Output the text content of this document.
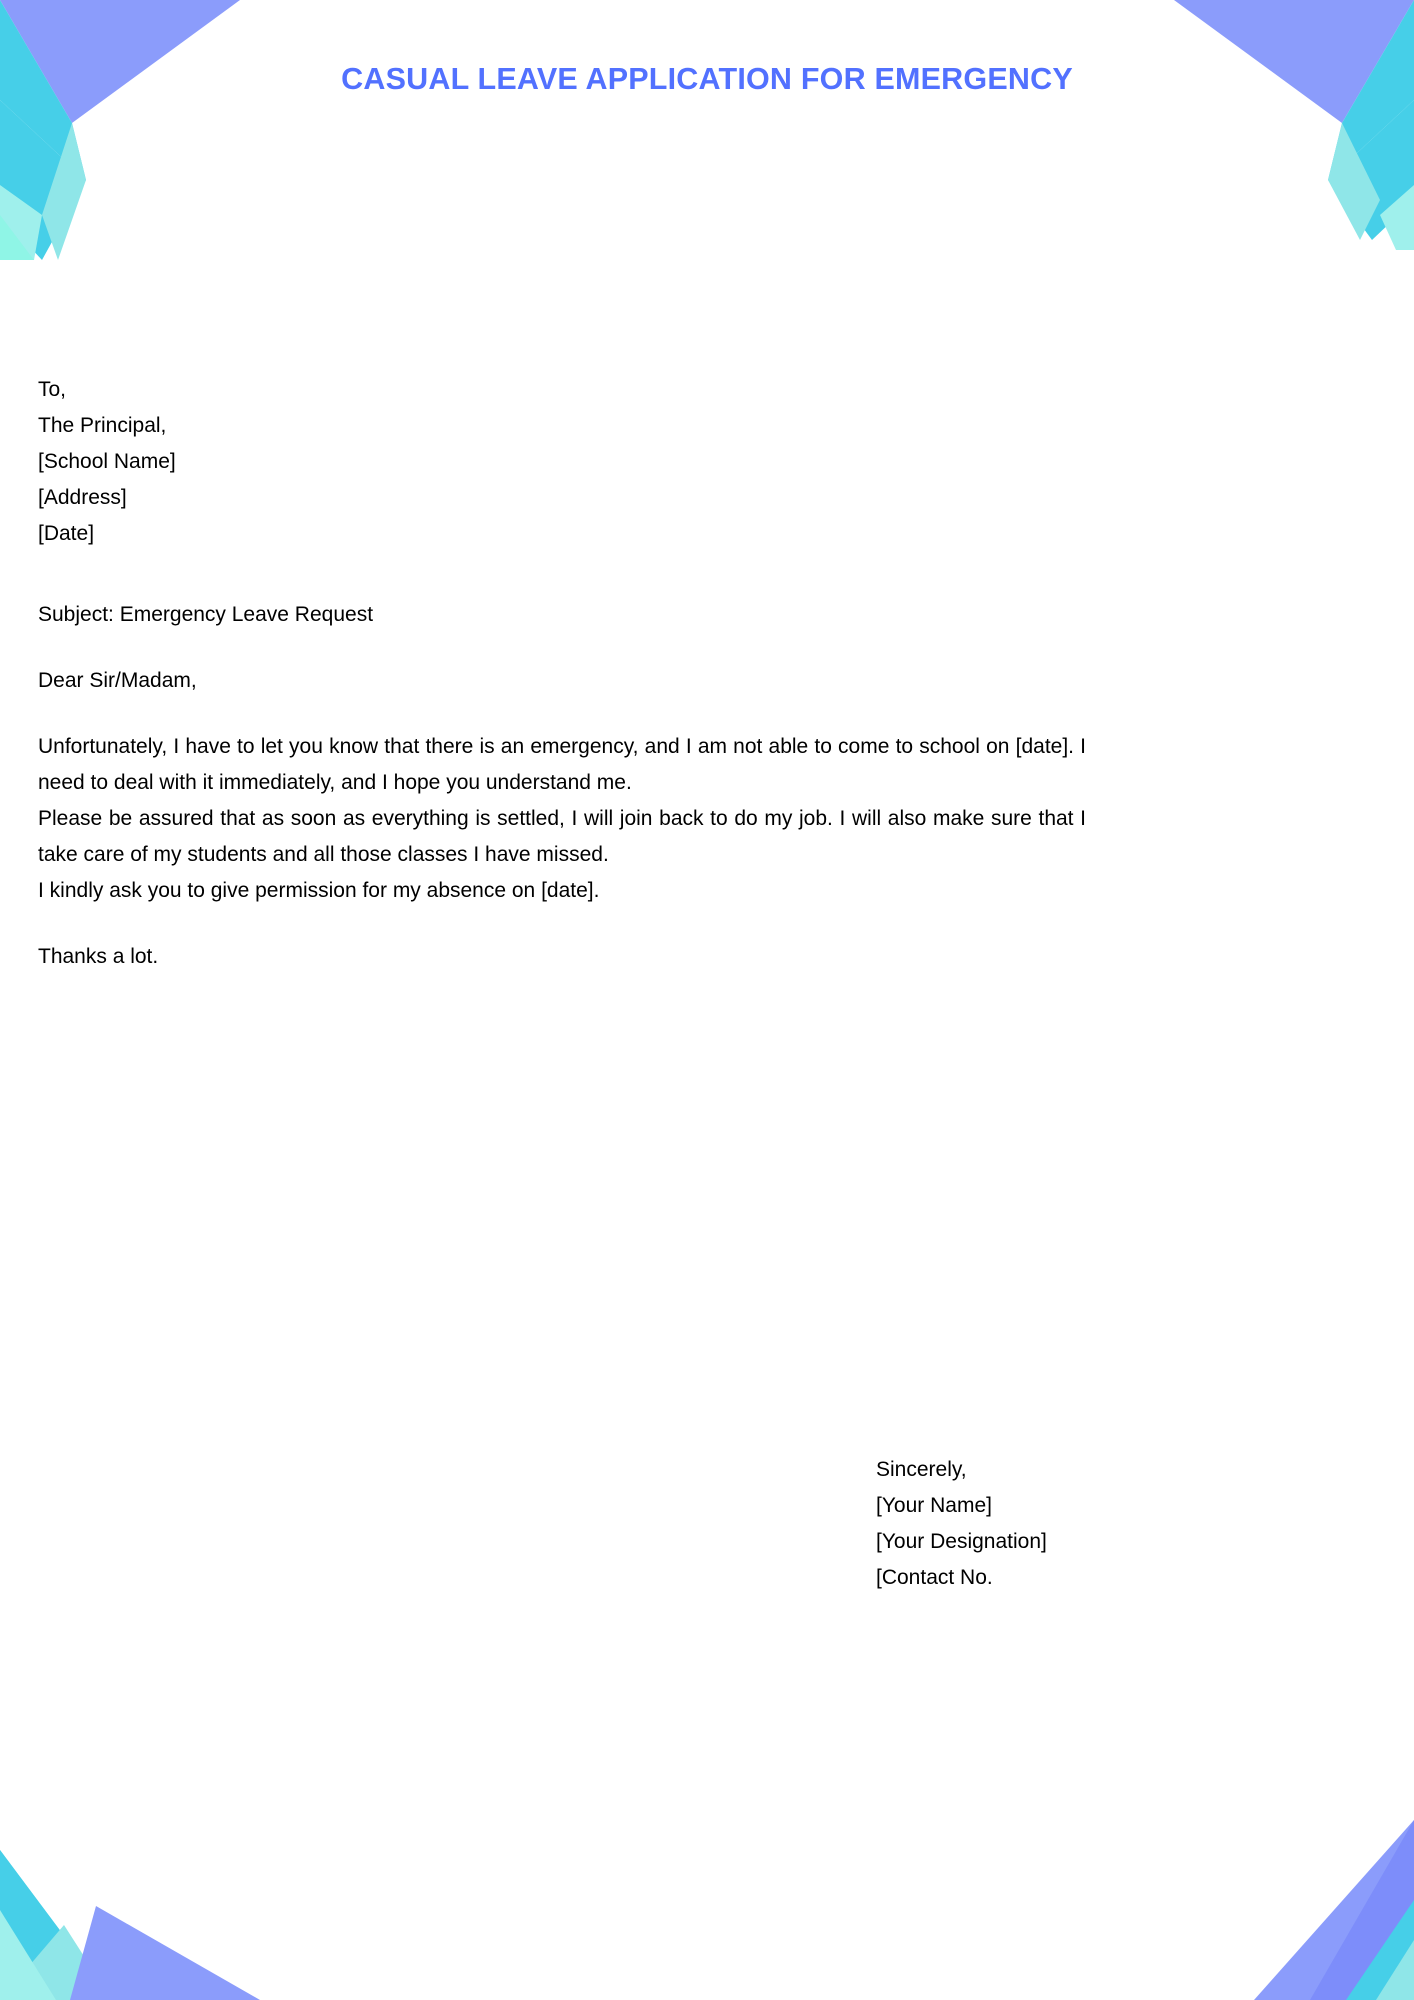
CASUAL LEAVE APPLICATION FOR EMERGENCY
To,
The Principal,
[School Name]
[Address]
[Date]
Subject: Emergency Leave Request
Dear Sir/Madam,
Unfortunately, I have to let you know that there is an emergency, and I am not able to come to school on [date]. I need to deal with it immediately, and I hope you understand me.
Please be assured that as soon as everything is settled, I will join back to do my job. I will also make sure that I take care of my students and all those classes I have missed.
I kindly ask you to give permission for my absence on [date].
Thanks a lot.
Sincerely,
[Your Name]
[Your Designation]
[Contact No.
